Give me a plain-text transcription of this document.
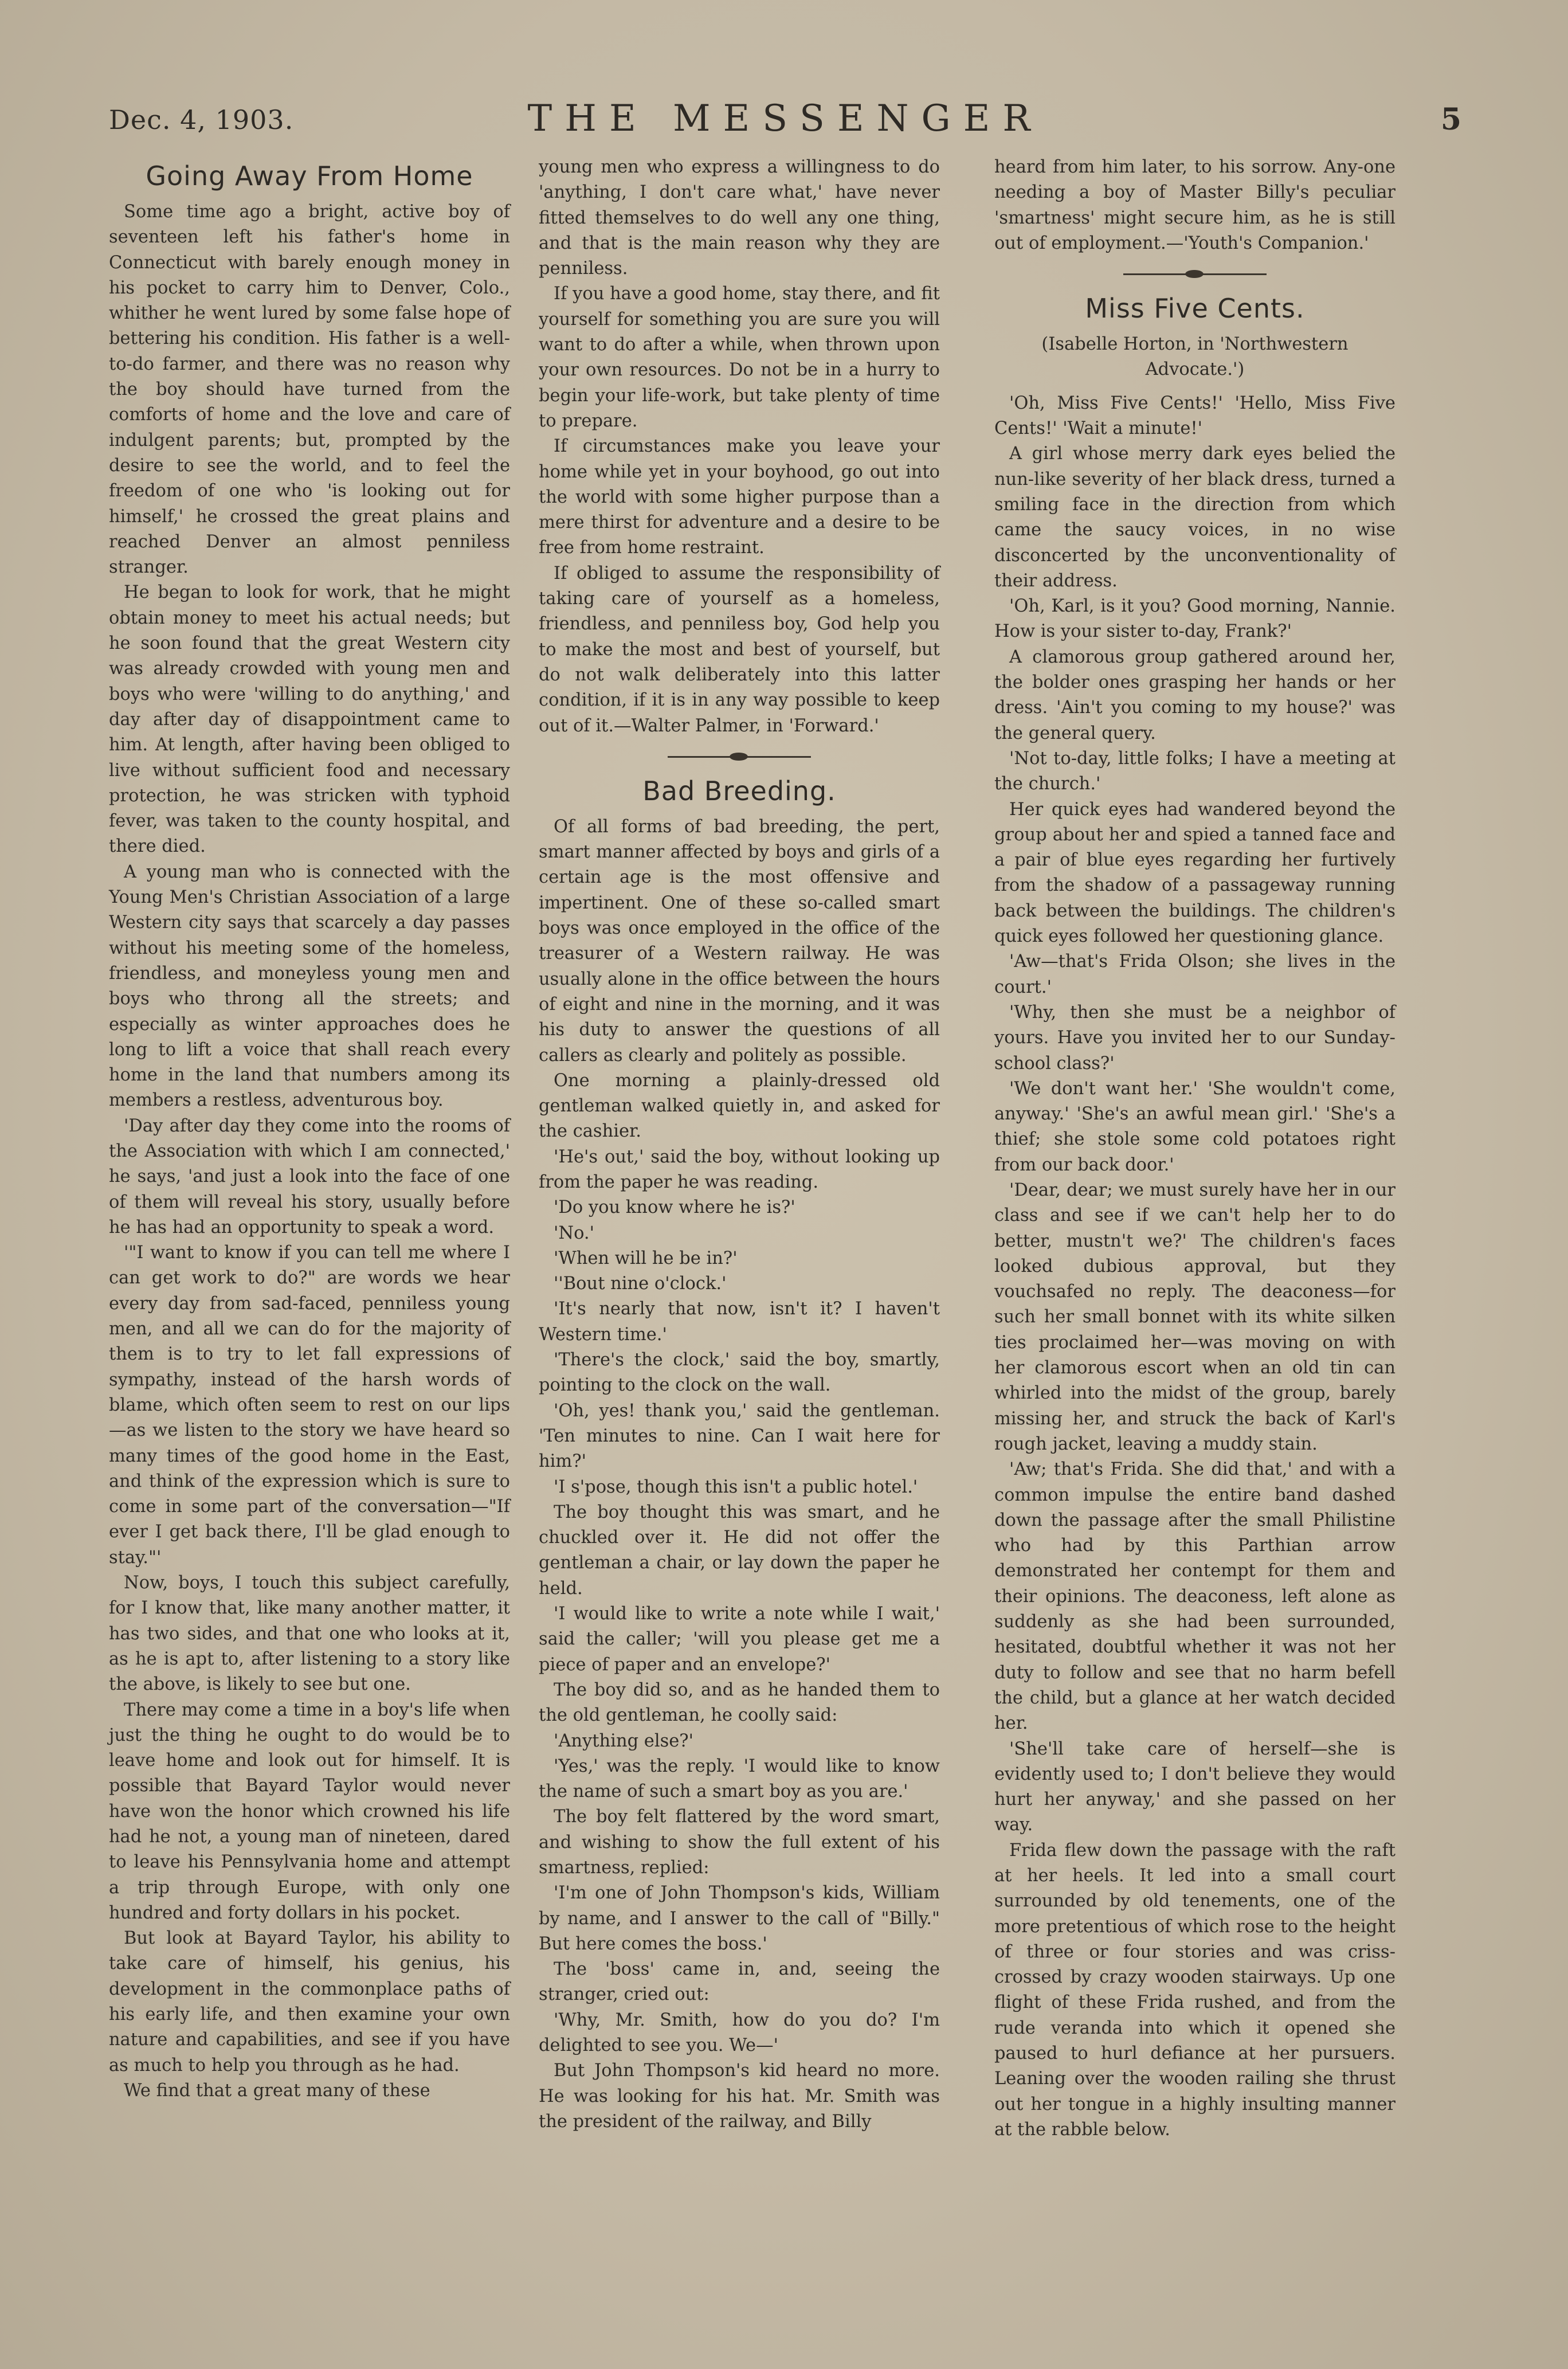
Dec. 4, 1903.	THE MESSENGER	5
Going Away From Home

Some time ago a bright, active boy of seventeen left his father's home in Connecticut with barely enough money in his pocket to carry him to Denver, Colo., whither he went lured by some false hope of bettering his condition. His father is a well-to-do farmer, and there was no reason why the boy should have turned from the comforts of home and the love and care of indulgent parents; but, prompted by the desire to see the world, and to feel the freedom of one who 'is looking out for himself,' he crossed the great plains and reached Denver an almost penniless stranger.

He began to look for work, that he might obtain money to meet his actual needs; but he soon found that the great Western city was already crowded with young men and boys who were 'willing to do anything,' and day after day of disappointment came to him. At length, after having been obliged to live without sufficient food and necessary protection, he was stricken with typhoid fever, was taken to the county hospital, and there died.

A young man who is connected with the Young Men's Christian Association of a large Western city says that scarcely a day passes without his meeting some of the homeless, friendless, and moneyless young men and boys who throng all the streets; and especially as winter approaches does he long to lift a voice that shall reach every home in the land that numbers among its members a restless, adventurous boy.

'Day after day they come into the rooms of the Association with which I am connected,' he says, 'and just a look into the face of one of them will reveal his story, usually before he has had an opportunity to speak a word.

'"I want to know if you can tell me where I can get work to do?" are words we hear every day from sad-faced, penniless young men, and all we can do for the majority of them is to try to let fall expressions of sympathy, instead of the harsh words of blame, which often seem to rest on our lips—as we listen to the story we have heard so many times of the good home in the East, and think of the expression which is sure to come in some part of the conversation—"If ever I get back there, I'll be glad enough to stay."'

Now, boys, I touch this subject carefully, for I know that, like many another matter, it has two sides, and that one who looks at it, as he is apt to, after listening to a story like the above, is likely to see but one.

There may come a time in a boy's life when just the thing he ought to do would be to leave home and look out for himself. It is possible that Bayard Taylor would never have won the honor which crowned his life had he not, a young man of nineteen, dared to leave his Pennsylvania home and attempt a trip through Europe, with only one hundred and forty dollars in his pocket.

But look at Bayard Taylor, his ability to take care of himself, his genius, his development in the commonplace paths of his early life, and then examine your own nature and capabilities, and see if you have as much to help you through as he had.

We find that a great many of these

young men who express a willingness to do 'anything, I don't care what,' have never fitted themselves to do well any one thing, and that is the main reason why they are penniless.

If you have a good home, stay there, and fit yourself for something you are sure you will want to do after a while, when thrown upon your own resources. Do not be in a hurry to begin your life-work, but take plenty of time to prepare.

If circumstances make you leave your home while yet in your boyhood, go out into the world with some higher purpose than a mere thirst for adventure and a desire to be free from home restraint.

If obliged to assume the responsibility of taking care of yourself as a homeless, friendless, and penniless boy, God help you to make the most and best of yourself, but do not walk deliberately into this latter condition, if it is in any way possible to keep out of it.—Walter Palmer, in 'Forward.'

Bad Breeding.

Of all forms of bad breeding, the pert, smart manner affected by boys and girls of a certain age is the most offensive and impertinent. One of these so-called smart boys was once employed in the office of the treasurer of a Western railway. He was usually alone in the office between the hours of eight and nine in the morning, and it was his duty to answer the questions of all callers as clearly and politely as possible.

One morning a plainly-dressed old gentleman walked quietly in, and asked for the cashier.

'He's out,' said the boy, without looking up from the paper he was reading.

'Do you know where he is?'

'No.'

'When will he be in?'

''Bout nine o'clock.'

'It's nearly that now, isn't it? I haven't Western time.'

'There's the clock,' said the boy, smartly, pointing to the clock on the wall.

'Oh, yes! thank you,' said the gentleman. 'Ten minutes to nine. Can I wait here for him?'

'I s'pose, though this isn't a public hotel.'

The boy thought this was smart, and he chuckled over it. He did not offer the gentleman a chair, or lay down the paper he held.

'I would like to write a note while I wait,' said the caller; 'will you please get me a piece of paper and an envelope?'

The boy did so, and as he handed them to the old gentleman, he coolly said:

'Anything else?'

'Yes,' was the reply. 'I would like to know the name of such a smart boy as you are.'

The boy felt flattered by the word smart, and wishing to show the full extent of his smartness, replied:

'I'm one of John Thompson's kids, William by name, and I answer to the call of "Billy." But here comes the boss.'

The 'boss' came in, and, seeing the stranger, cried out:

'Why, Mr. Smith, how do you do? I'm delighted to see you. We—'

But John Thompson's kid heard no more. He was looking for his hat. Mr. Smith was the president of the railway, and Billy

heard from him later, to his sorrow. Any-one needing a boy of Master Billy's peculiar 'smartness' might secure him, as he is still out of employment.—'Youth's Companion.'

Miss Five Cents.
(Isabelle Horton, in 'Northwestern Advocate.')

'Oh, Miss Five Cents!' 'Hello, Miss Five Cents!' 'Wait a minute!'

A girl whose merry dark eyes belied the nun-like severity of her black dress, turned a smiling face in the direction from which came the saucy voices, in no wise disconcerted by the unconventionality of their address.

'Oh, Karl, is it you? Good morning, Nannie. How is your sister to-day, Frank?'

A clamorous group gathered around her, the bolder ones grasping her hands or her dress. 'Ain't you coming to my house?' was the general query.

'Not to-day, little folks; I have a meeting at the church.'

Her quick eyes had wandered beyond the group about her and spied a tanned face and a pair of blue eyes regarding her furtively from the shadow of a passageway running back between the buildings. The children's quick eyes followed her questioning glance.

'Aw—that's Frida Olson; she lives in the court.'

'Why, then she must be a neighbor of yours. Have you invited her to our Sunday-school class?'

'We don't want her.' 'She wouldn't come, anyway.' 'She's an awful mean girl.' 'She's a thief; she stole some cold potatoes right from our back door.'

'Dear, dear; we must surely have her in our class and see if we can't help her to do better, mustn't we?' The children's faces looked dubious approval, but they vouchsafed no reply. The deaconess—for such her small bonnet with its white silken ties proclaimed her—was moving on with her clamorous escort when an old tin can whirled into the midst of the group, barely missing her, and struck the back of Karl's rough jacket, leaving a muddy stain.

'Aw; that's Frida. She did that,' and with a common impulse the entire band dashed down the passage after the small Philistine who had by this Parthian arrow demonstrated her contempt for them and their opinions. The deaconess, left alone as suddenly as she had been surrounded, hesitated, doubtful whether it was not her duty to follow and see that no harm befell the child, but a glance at her watch decided her.

'She'll take care of herself—she is evidently used to; I don't believe they would hurt her anyway,' and she passed on her way.

Frida flew down the passage with the raft at her heels. It led into a small court surrounded by old tenements, one of the more pretentious of which rose to the height of three or four stories and was criss-crossed by crazy wooden stairways. Up one flight of these Frida rushed, and from the rude veranda into which it opened she paused to hurl defiance at her pursuers. Leaning over the wooden railing she thrust out her tongue in a highly insulting manner at the rabble below.
